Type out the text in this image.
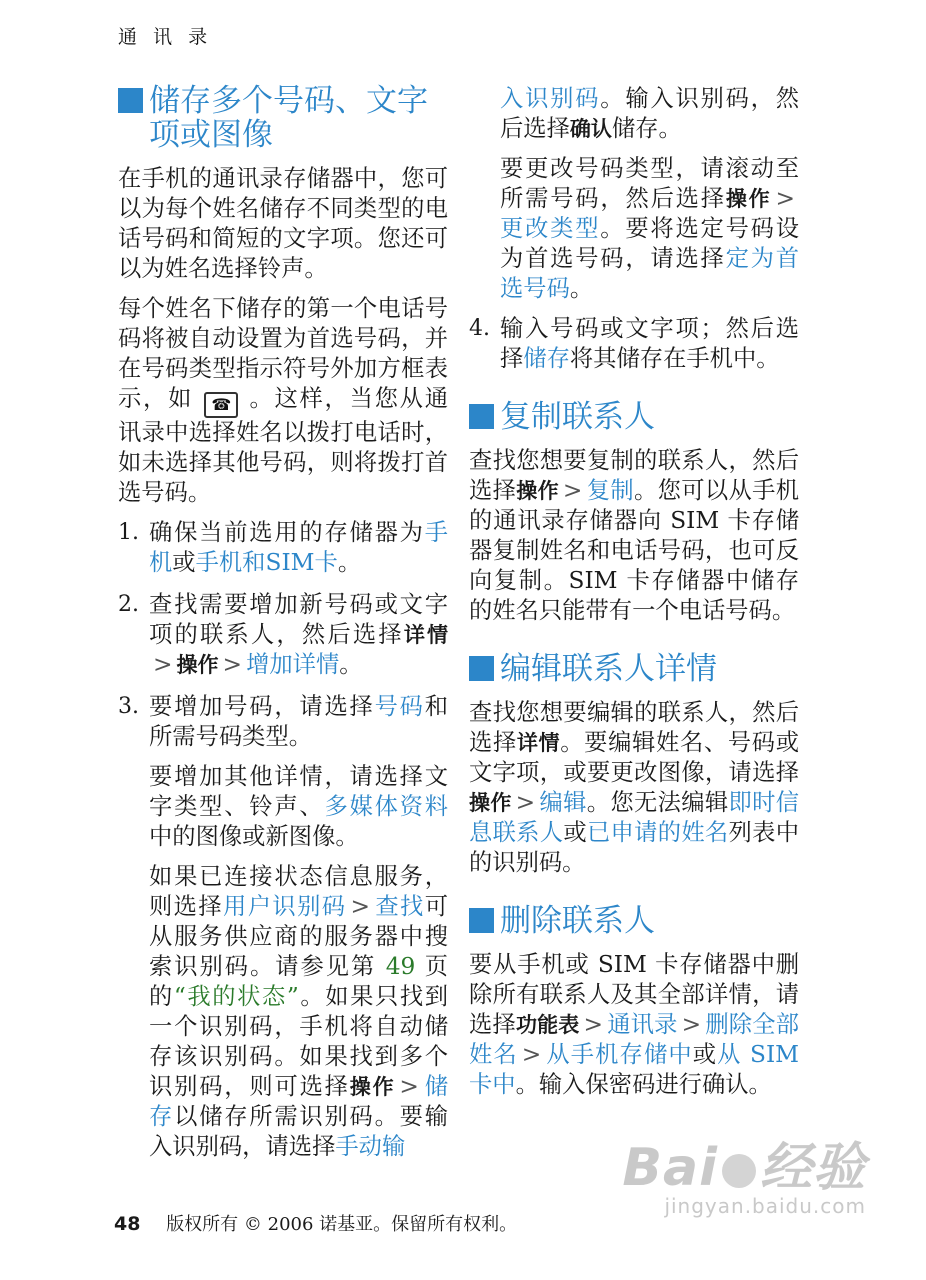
通 讯 录
储存多个号码、文字
项或图像

在手机的通讯录存储器中，您可以为每个姓名储存不同类型的电话号码和简短的文字项。您还可以为姓名选择铃声。

每个姓名下储存的第一个电话号码将被自动设置为首选号码，并在号码类型指示符号外加方框表示，如 ☎ 。这样，当您从通讯录中选择姓名以拨打电话时，如未选择其他号码，则将拨打首选号码。

1. 确保当前选用的存储器为手机或手机和SIM卡。

2. 查找需要增加新号码或文字项的联系人，然后选择详情> 操作 > 增加详情。

3. 要增加号码，请选择号码和所需号码类型。

要增加其他详情，请选择文字类型、铃声、多媒体资料中的图像或新图像。

如果已连接状态信息服务，则选择用户识别码 > 查找可从服务供应商的服务器中搜索识别码。请参见第 49 页的“我的状态”。如果只找到一个识别码，手机将自动储存该识别码。如果找到多个识别码，则可选择操作 > 储存以储存所需识别码。要输入识别码，请选择手动输

入识别码。输入识别码，然后选择确认储存。

要更改号码类型，请滚动至所需号码，然后选择操作 >更改类型。要将选定号码设为首选号码，请选择定为首选号码。

4. 输入号码或文字项；然后选择储存将其储存在手机中。

复制联系人

查找您想要复制的联系人，然后选择操作 > 复制。您可以从手机的通讯录存储器向 SIM 卡存储器复制姓名和电话号码，也可反向复制。SIM 卡存储器中储存的姓名只能带有一个电话号码。

编辑联系人详情

查找您想要编辑的联系人，然后选择详情。要编辑姓名、号码或文字项，或要更改图像，请选择操作 > 编辑。您无法编辑即时信息联系人或已申请的姓名列表中的识别码。

删除联系人

要从手机或 SIM 卡存储器中删除所有联系人及其全部详情，请选择功能表 > 通讯录 > 删除全部姓名 > 从手机存储中或从 SIM 卡中。输入保密码进行确认。

48 版权所有 © 2006 诺基亚。保留所有权利。
Bai 经验
jingyan.baidu.com
